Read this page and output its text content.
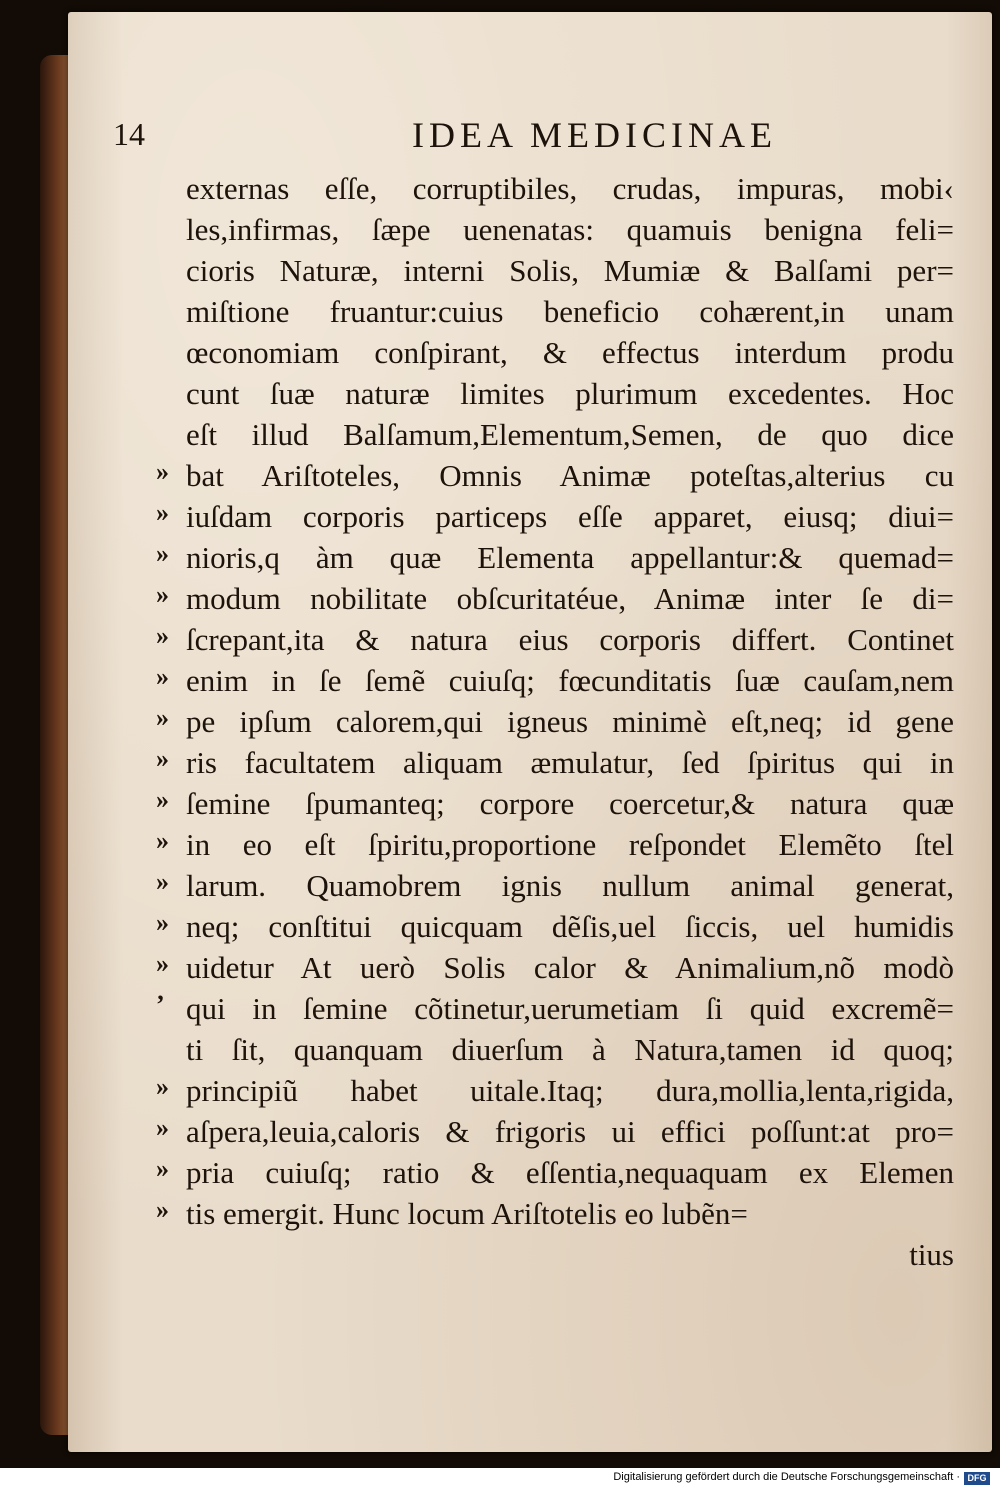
14	IDEA MEDICINAE
externas eſſe, corruptibiles, crudas, impuras, mobi‹
les,infirmas, ſæpe uenenatas: quamuis benigna feli=
cioris Naturæ, interni Solis, Mumiæ & Balſami per=
miſtione fruantur:cuius beneficio cohærent,in unam
œconomiam conſpirant, & effectus interdum produ
cunt ſuæ naturæ limites plurimum excedentes. Hoc
eſt illud Balſamum,Elementum,Semen, de quo dice
» bat Ariſtoteles, Omnis Animæ poteſtas,alterius cu
» iuſdam corporis particeps eſſe apparet, eiusq; diui=
» nioris,q àm quæ Elementa appellantur:& quemad=
» modum nobilitate obſcuritatéue, Animæ inter ſe di=
» ſcrepant,ita & natura eius corporis differt. Continet
» enim in ſe ſemẽ cuiuſq; fœcunditatis ſuæ cauſam,nem
» pe ipſum calorem,qui igneus minimè eſt,neq; id gene
» ris facultatem aliquam æmulatur, ſed ſpiritus qui in
» ſemine ſpumanteq; corpore coercetur,& natura quæ
» in eo eſt ſpiritu,proportione reſpondet Elemẽto ſtel
» larum. Quamobrem ignis nullum animal generat,
» neq; conſtitui quicquam dẽſis,uel ſiccis, uel humidis
» uidetur At uerò Solis calor & Animalium,nõ modò
’ qui in ſemine cõtinetur,uerumetiam ſi quid excremẽ=
ti ſit, quanquam diuerſum à Natura,tamen id quoq;
» principiũ habet uitale.Itaq; dura,mollia,lenta,rigida,
» aſpera,leuia,caloris & frigoris ui effici poſſunt:at pro=
» pria cuiuſq; ratio & eſſentia,nequaquam ex Elemen
» tis emergit. Hunc locum Ariſtotelis eo lubẽn=
tius
Digitalisierung gefördert durch die Deutsche Forschungsgemeinschaft · DFG
